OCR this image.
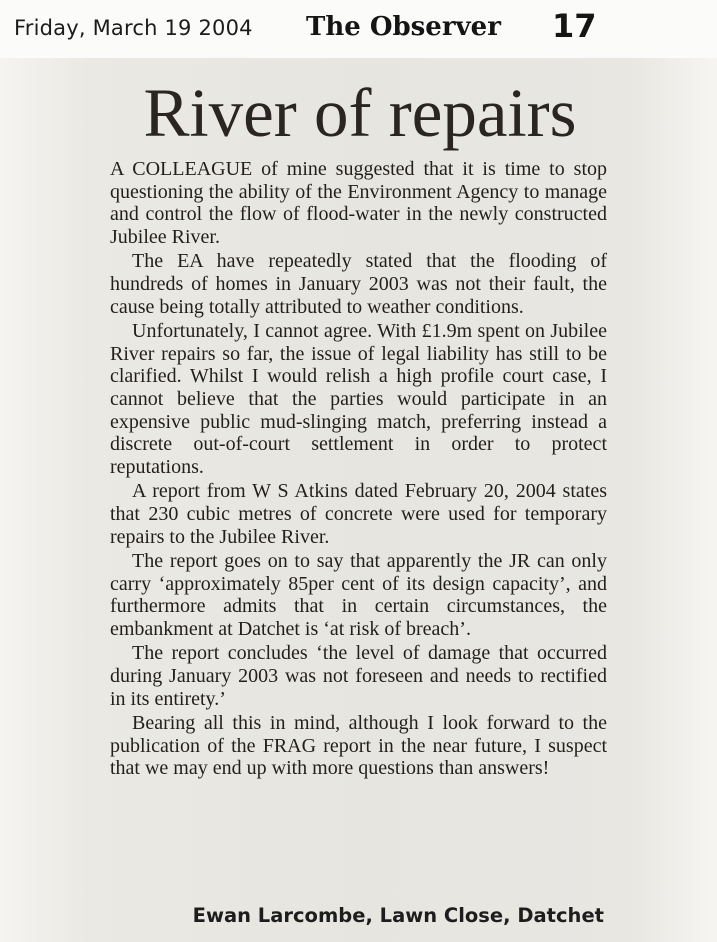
Friday, March 19 2004 The Observer 17
River of repairs

A COLLEAGUE of mine suggested that it is time to stop questioning the ability of the Environment Agency to manage and control the flow of flood-water in the newly constructed Jubilee River.

The EA have repeatedly stated that the flooding of hundreds of homes in January 2003 was not their fault, the cause being totally attributed to weather conditions.

Unfortunately, I cannot agree. With £1.9m spent on Jubilee River repairs so far, the issue of legal liability has still to be clarified. Whilst I would relish a high profile court case, I cannot believe that the parties would participate in an expensive public mud-slinging match, preferring instead a discrete out-of-court settlement in order to protect reputations.

A report from W S Atkins dated February 20, 2004 states that 230 cubic metres of concrete were used for temporary repairs to the Jubilee River.

The report goes on to say that apparently the JR can only carry ‘approximately 85per cent of its design capacity’, and furthermore admits that in certain circumstances, the embankment at Datchet is ‘at risk of breach’.

The report concludes ‘the level of damage that occurred during January 2003 was not foreseen and needs to rectified in its entirety.’

Bearing all this in mind, although I look forward to the publication of the FRAG report in the near future, I suspect that we may end up with more questions than answers!

Ewan Larcombe, Lawn Close, Datchet
